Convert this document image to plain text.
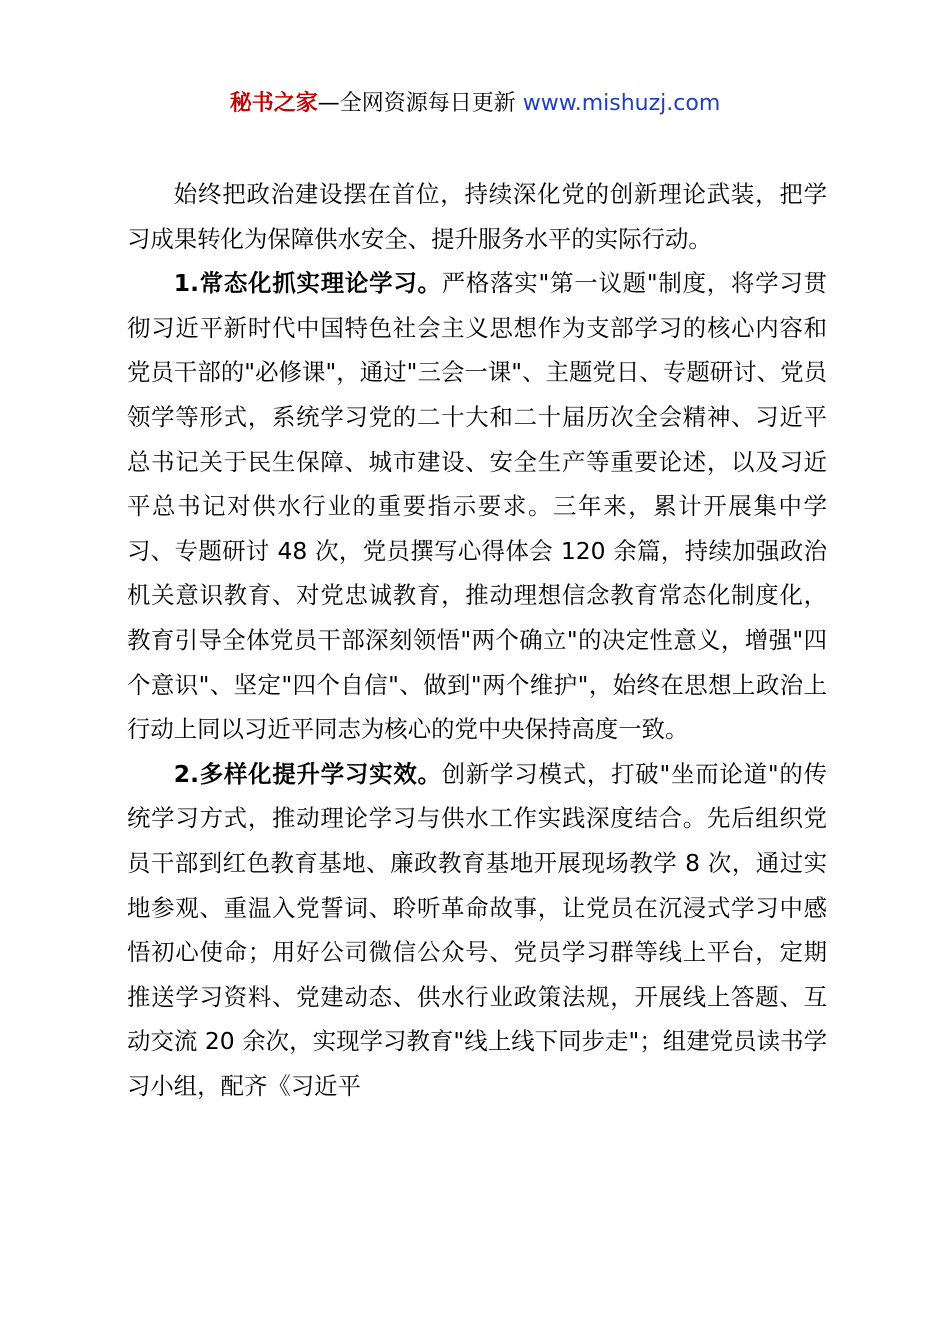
秘书之家—全网资源每日更新 www.mishuzj.com

始终把政治建设摆在首位，持续深化党的创新理论武装，把学习成果转化为保障供水安全、提升服务水平的实际行动。

1.常态化抓实理论学习。严格落实"第一议题"制度，将学习贯彻习近平新时代中国特色社会主义思想作为支部学习的核心内容和党员干部的"必修课"，通过"三会一课"、主题党日、专题研讨、党员领学等形式，系统学习党的二十大和二十届历次全会精神、习近平总书记关于民生保障、城市建设、安全生产等重要论述，以及习近平总书记对供水行业的重要指示要求。三年来，累计开展集中学习、专题研讨 48 次，党员撰写心得体会 120 余篇，持续加强政治机关意识教育、对党忠诚教育，推动理想信念教育常态化制度化，教育引导全体党员干部深刻领悟"两个确立"的决定性意义，增强"四个意识"、坚定"四个自信"、做到"两个维护"，始终在思想上政治上行动上同以习近平同志为核心的党中央保持高度一致。

2.多样化提升学习实效。创新学习模式，打破"坐而论道"的传统学习方式，推动理论学习与供水工作实践深度结合。先后组织党员干部到红色教育基地、廉政教育基地开展现场教学 8 次，通过实地参观、重温入党誓词、聆听革命故事，让党员在沉浸式学习中感悟初心使命；用好公司微信公众号、党员学习群等线上平台，定期推送学习资料、党建动态、供水行业政策法规，开展线上答题、互动交流 20 余次，实现学习教育"线上线下同步走"；组建党员读书学习小组，配齐《习近平
